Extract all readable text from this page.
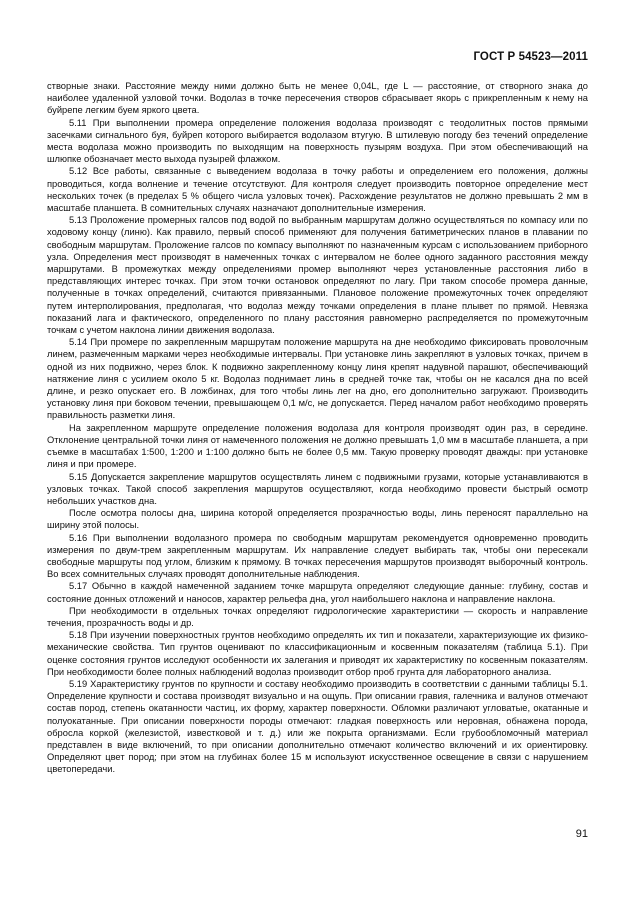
ГОСТ Р 54523—2011

створные знаки. Расстояние между ними должно быть не менее 0,04L, где L — расстояние, от створного знака до наиболее удаленной узловой точки. Водолаз в точке пересечения створов сбрасывает якорь с прикрепленным к нему на буйрепе легким буем яркого цвета.

5.11 При выполнении промера определение положения водолаза производят с теодолитных постов прямыми засечками сигнального буя, буйреп которого выбирается водолазом втугую. В штилевую погоду без течений определение места водолаза можно производить по выходящим на поверхность пузырям воздуха. При этом обеспечивающий на шлюпке обозначает место выхода пузырей флажком.

5.12 Все работы, связанные с выведением водолаза в точку работы и определением его положения, должны проводиться, когда волнение и течение отсутствуют. Для контроля следует производить повторное определение мест нескольких точек (в пределах 5 % общего числа узловых точек). Расхождение результатов не должно превышать 2 мм в масштабе планшета. В сомнительных случаях назначают дополнительные измерения.

5.13 Проложение промерных галсов под водой по выбранным маршрутам должно осуществляться по компасу или по ходовому концу (линю). Как правило, первый способ применяют для получения батиметрических планов в плавании по свободным маршрутам. Проложение галсов по компасу выполняют по назначенным курсам с использованием приборного узла. Определения мест производят в намеченных точках с интервалом не более одного заданного расстояния между маршрутами. В промежутках между определениями промер выполняют через установленные расстояния либо в представляющих интерес точках. При этом точки остановок определяют по лагу. При таком способе промера данные, полученные в точках определений, считаются привязанными. Плановое положение промежуточных точек определяют путем интерполирования, предполагая, что водолаз между точками определения в плане плывет по прямой. Невязка показаний лага и фактического, определенного по плану расстояния равномерно распределяется по промежуточным точкам с учетом наклона линии движения водолаза.

5.14 При промере по закрепленным маршрутам положение маршрута на дне необходимо фиксировать проволочным линем, размеченным марками через необходимые интервалы. При установке линь закрепляют в узловых точках, причем в одной из них подвижно, через блок. К подвижно закрепленному концу линя крепят надувной парашют, обеспечивающий натяжение линя с усилием около 5 кг. Водолаз поднимает линь в средней точке так, чтобы он не касался дна по всей длине, и резко опускает его. В ложбинах, для того чтобы линь лег на дно, его дополнительно загружают. Производить установку линя при боковом течении, превышающем 0,1 м/с, не допускается. Перед началом работ необходимо проверять правильность разметки линя.

На закрепленном маршруте определение положения водолаза для контроля производят один раз, в середине. Отклонение центральной точки линя от намеченного положения не должно превышать 1,0 мм в масштабе планшета, а при съемке в масштабах 1:500, 1:200 и 1:100 должно быть не более 0,5 мм. Такую проверку проводят дважды: при установке линя и при промере.

5.15 Допускается закрепление маршрутов осуществлять линем с подвижными грузами, которые устанавливаются в узловых точках. Такой способ закрепления маршрутов осуществляют, когда необходимо провести быстрый осмотр небольших участков дна.

После осмотра полосы дна, ширина которой определяется прозрачностью воды, линь переносят параллельно на ширину этой полосы.

5.16 При выполнении водолазного промера по свободным маршрутам рекомендуется одновременно проводить измерения по двум-трем закрепленным маршрутам. Их направление следует выбирать так, чтобы они пересекали свободные маршруты под углом, близким к прямому. В точках пересечения маршрутов производят выборочный контроль. Во всех сомнительных случаях проводят дополнительные наблюдения.

5.17 Обычно в каждой намеченной заданием точке маршрута определяют следующие данные: глубину, состав и состояние донных отложений и наносов, характер рельефа дна, угол наибольшего наклона и направление наклона.

При необходимости в отдельных точках определяют гидрологические характеристики — скорость и направление течения, прозрачность воды и др.

5.18 При изучении поверхностных грунтов необходимо определять их тип и показатели, характеризующие их физико-механические свойства. Тип грунтов оценивают по классификационным и косвенным показателям (таблица 5.1). При оценке состояния грунтов исследуют особенности их залегания и приводят их характеристику по косвенным показателям. При необходимости более полных наблюдений водолаз производит отбор проб грунта для лабораторного анализа.

5.19 Характеристику грунтов по крупности и составу необходимо производить в соответствии с данными таблицы 5.1. Определение крупности и состава производят визуально и на ощупь. При описании гравия, галечника и валунов отмечают состав пород, степень окатанности частиц, их форму, характер поверхности. Обломки различают угловатые, окатанные и полуокатанные. При описании поверхности породы отмечают: гладкая поверхность или неровная, обнажена порода, обросла коркой (железистой, известковой и т. д.) или же покрыта организмами. Если грубообломочный материал представлен в виде включений, то при описании дополнительно отмечают количество включений и их ориентировку. Определяют цвет пород; при этом на глубинах более 15 м используют искусственное освещение в связи с нарушением цветопередачи.

91
